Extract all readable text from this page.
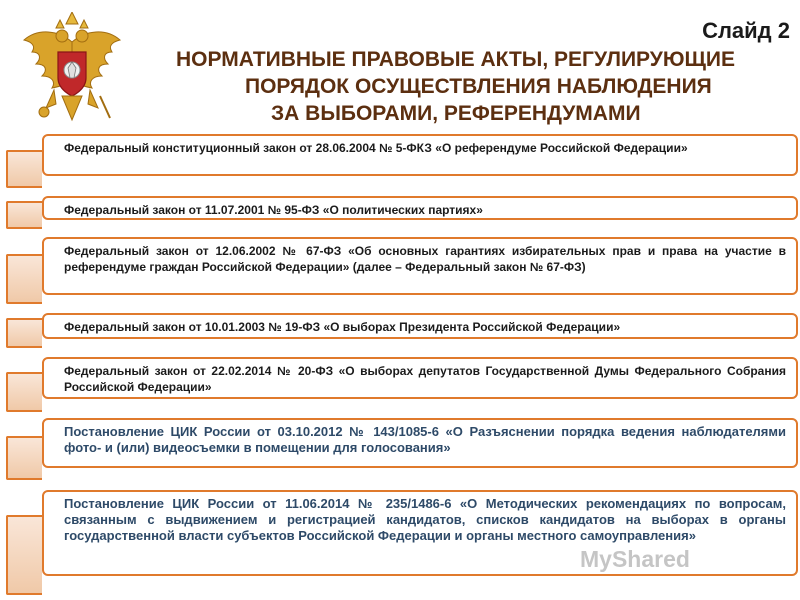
Слайд 2
НОРМАТИВНЫЕ ПРАВОВЫЕ АКТЫ, РЕГУЛИРУЮЩИЕ
ПОРЯДОК ОСУЩЕСТВЛЕНИЯ НАБЛЮДЕНИЯ
ЗА ВЫБОРАМИ, РЕФЕРЕНДУМАМИ
Федеральный конституционный закон от 28.06.2004 № 5-ФКЗ «О референдуме Российской Федерации»
Федеральный закон от 11.07.2001 № 95-ФЗ «О политических партиях»
Федеральный закон от 12.06.2002 № 67-ФЗ «Об основных гарантиях избирательных прав и права на участие в референдуме граждан Российской Федерации» (далее – Федеральный закон № 67-ФЗ)
Федеральный закон от 10.01.2003 № 19-ФЗ «О выборах Президента Российской Федерации»
Федеральный закон от 22.02.2014 № 20-ФЗ «О выборах депутатов Государственной Думы Федерального Собрания Российской Федерации»
Постановление ЦИК России от 03.10.2012 № 143/1085-6 «О Разъяснении порядка ведения наблюдателями фото- и (или) видеосъемки в помещении для голосования»
Постановление ЦИК России от 11.06.2014 № 235/1486-6 «О Методических рекомендациях по вопросам, связанным с выдвижением и регистрацией кандидатов, списков кандидатов на выборах в органы государственной власти субъектов Российской Федерации и органы местного самоуправления»
MyShared
